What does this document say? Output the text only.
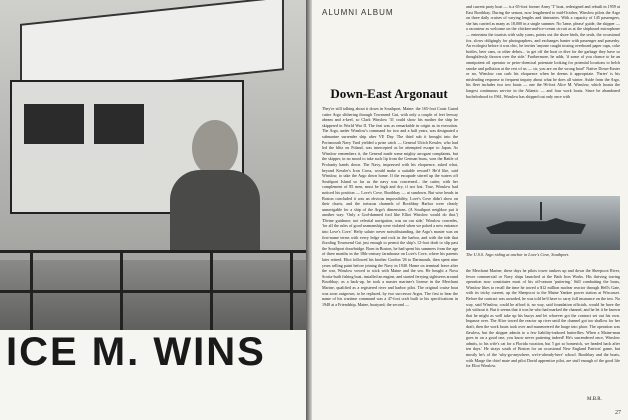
ICE M. WINS
ALUMNI ALBUM
Down-East Argonaut
They're still talking about it down in Southport, Maine: the 165-foot Coast Guard cutter Argo slithering through Townsend Gut, with only a couple of feet leeway abeam and a-keel, so Clark Winslow '31 could show his mother the ship he skippered in World War II. The feat was as remarkable in origin as in execution. The Argo, under Winslow's command for two and a half years, was designated a submarine surrender ship after VE Day. The third sub it brought into the Portsmouth Navy Yard yielded a prize catch — General Ulrich Kessler, who had led the blitz on Poland, was intercepted as he attempted escape to Japan. As Winslow remembers it, the General made some mighty arrogant complaints, but the skipper, in no mood to take such lip from the German brass, won the Battle of Profanity hands down. The Navy, impressed with his eloquence, asked what, beyond Kessler's Iron Cross, would make a suitable reward? He'd like, said Winslow, to take the Argo down home. If the escapade stirred up the waters off Southport Island so far as the navy was concerned... the cutter, with her complement of 85 men, must be high and dry, if not lost. True, Winslow had noticed his position — Love's Cove, Boothbay — at sundown. But wise heads in Boston concluded it was an obvious impossibility; Love's Cove didn't show on their charts, and the tortuous channels of Boothbay Harbor were clearly unnavigable for a ship of the Argo's dimensions. (A Southport neighbor put it another way: 'Only a God-damned fool like Elliot Winslow would do that.') 'Divine guidance, not celestial navigation, was on our side,' Winslow concedes, 'for all the rules of good seamanship were violated when we poked a new entrance into Love's Cove.' Hefty salute: never notwithstanding, the Argo's master was on first-name terms with every ledge and rock in the harbor, and with the tide that flooding Townsend Gut just enough to permit the ship's 12-foot draft to slip past the Southport drawbridge. Born in Boston, he had spent his summers from the age of three months in the 18th-century farmhouse on Love's Cove, where his parents later retired. Eliot followed his brother Gordon '26 to Dartmouth, then spent nine years selling paint before joining the Navy in 1940. Home on terminal leave after the war, Winslow vowed to stick with Maine and the sea. He bought a Nova Scotia-built fishing boat, installed an engine, and started ferrying sightseers around Boothbay; as a back-up, he took a master mariner's license in the Merchant Marine, qualified as a registered river and harbor pilot. The original cruise boat was soon outgrown, to be replaced, by two successor Argos. The first to bear the name of his wartime command was a 47-foot craft built to his specifications in 1948 at a Friendship, Maine, boatyard; the second —
and current party boat — is a 65-foot former Army 'T' boat, redesigned and rebuilt in 1959 at East Boothbay. During the season, now lengthened to mid-October, Winslow pilots the Argo on three daily cruises of varying lengths and itineraries. With a capacity of 145 passengers, she has carried as many as 18,000 in a single summer. No 'lame, please' guide, the skipper — a raconteur as welcome on the chicken-and-ice-cream circuit as at the shipboard microphone — entertains the tourists with salty yarns, points out the shore birds, the seals, the occasional fox, slows obligingly for photographers, and exchanges banter with passenger and passerby. An ecologist before it was chic, he invites 'anyone caught tossing overboard paper cups, coke bottles, beer cans, or other debris... to get off the boat or dive for the garbage they have so thoughtlessly thrown over the side.' Furthermore, he adds, 'if some of you chance to be an omnipotent oil operator or petro-chemical potentate looking for potential locations to belch smoke and pollution at the rest of us — sir, you are on the wrong boat!' Native Down-Easter or no, Winslow can curb his eloquence when he deems it appropriate. 'Parter' is his misleading response to frequent inquiry about what he does all winter. Aside from the Argo, his fleet includes two tow boats — one the 96-foot Alice M. Winslow, which boasts the longest continuous service in the Atlantic — and four work boats. Since he abandoned bachelorhood in 1961, Winslow has shipped out only once with
The U.S.S. Argo riding at anchor in Love's Cove, Southport.
the Merchant Marine; these days he pilots tower tankers up and down the Sheepscot River, fewer commercial or Navy ships launched at the Bath Iron Works. His thriving towing operation now constitutes most of his off-season 'puttering.' Still combatting the brass, Winslow likes to recall the time he towed a $12 million nuclear reactor through Hell's Gate, with its tricky current, up the Sheepscot to the Maine Yankee power station at Wiscasset. Before the contract was awarded, he was told he'd have to carry full insurance on the tow. No way, said Winslow, could he afford it; no way, said foundation officials, would he have the job without it. But it seems that it was he who had marked the channel, and he let it be known that he might as well take up his buoys and let whoever got the contract set out his own. Impasse over. The Alice towed the reactor up river until the channel got too shallow for her draft, then the work boats took over and maneuvered the barge into place. The operation was flawless, but the skipper admits to a few liability-induced butterflies. When a Maine-man goes in on a good one, you know never puttering indeed! He's surrendered once, Winslow admits, to his wife's cat for a Florida vacation, but 'I got so homesick, we headed back after ten days.' He strays south of Boston for an occasional New England Patriots' game, but mostly he's of the 'why-go-anywhere, we're-already-here' school. Boothbay and the boats, with Marge the chief mate and pilot David apprentice pilot, are stuff enough of the good life for Eliot Winslow.
M.B.R.
27
